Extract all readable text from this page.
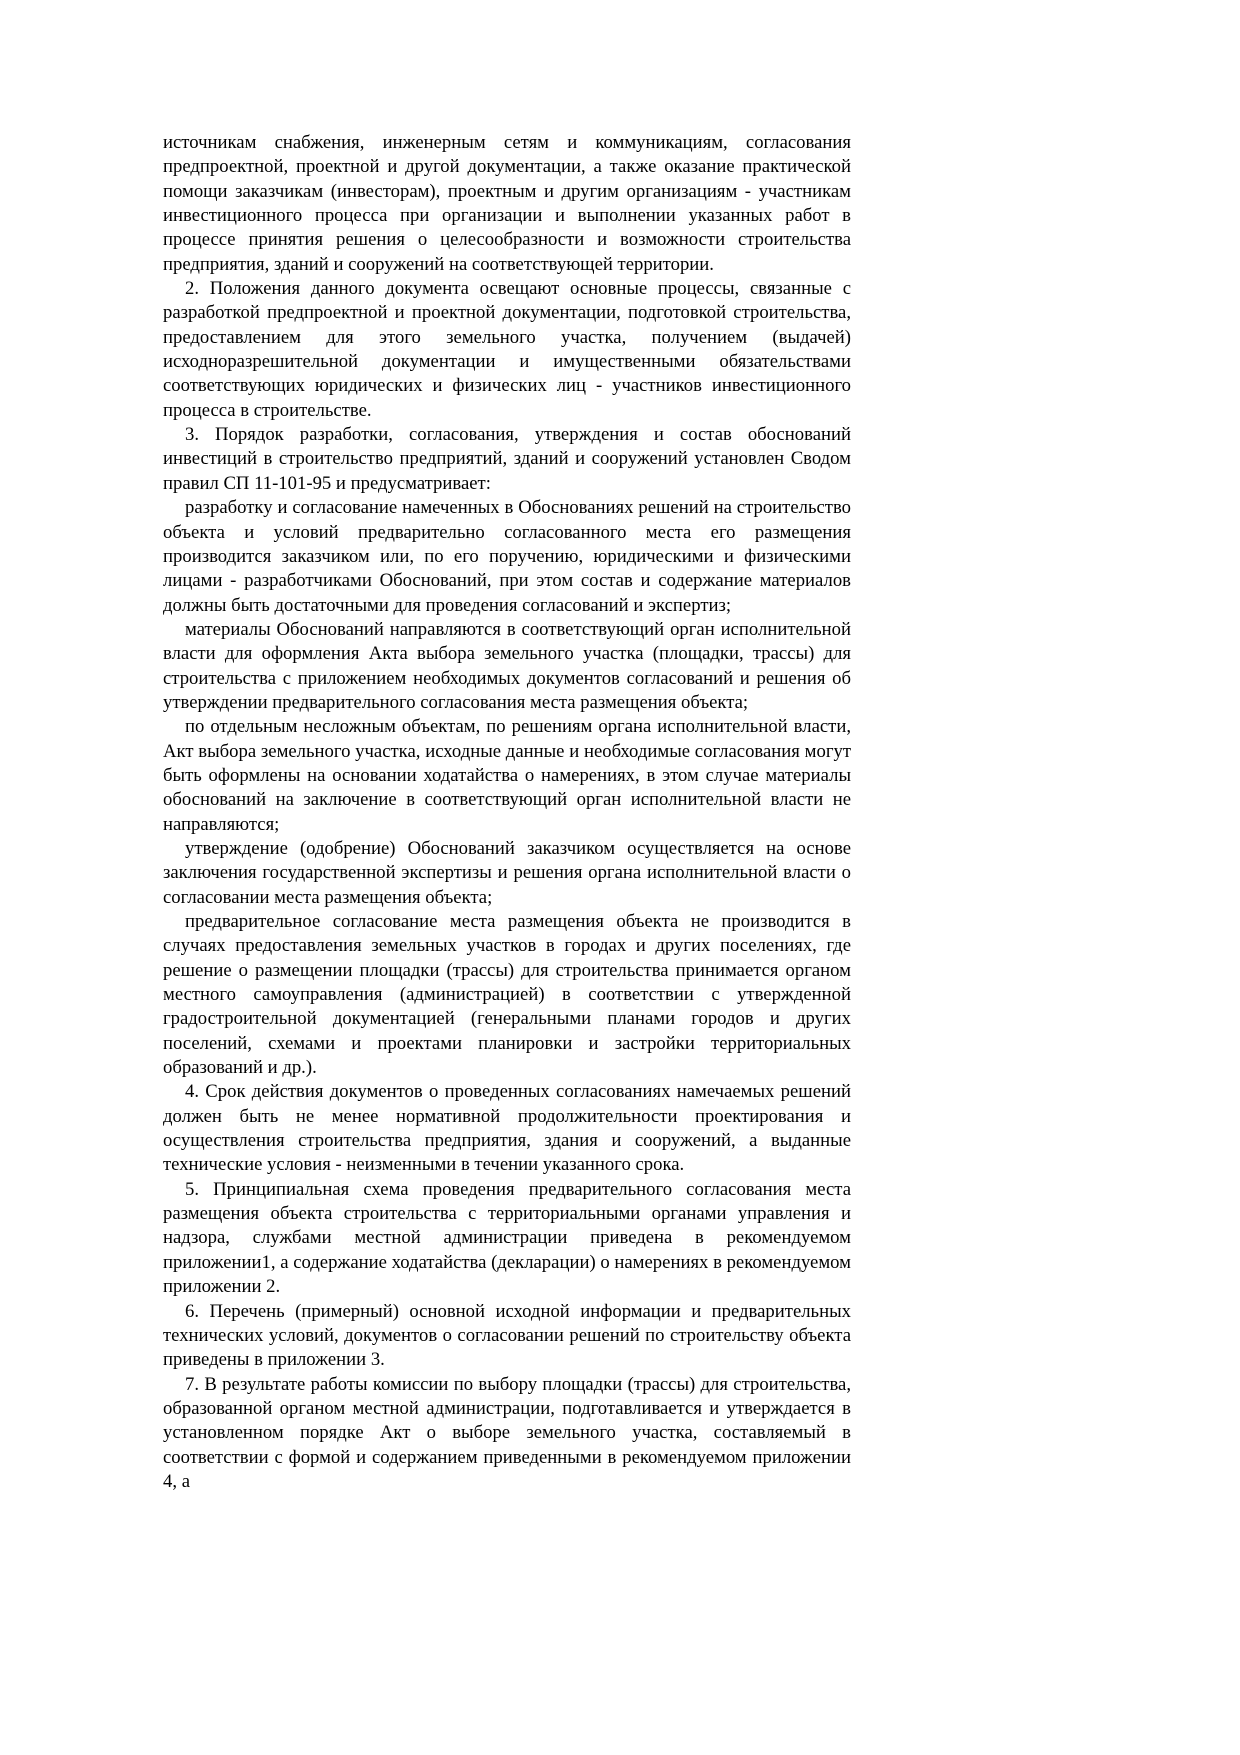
источникам снабжения, инженерным сетям и коммуникациям, согласования предпроектной, проектной и другой документации, а также оказание практической помощи заказчикам (инвесторам), проектным и другим организациям - участникам инвестиционного процесса при организации и выполнении указанных работ в процессе принятия решения о целесообразности и возможности строительства предприятия, зданий и сооружений на соответствующей территории.

2. Положения данного документа освещают основные процессы, связанные с разработкой предпроектной и проектной документации, подготовкой строительства, предоставлением для этого земельного участка, получением (выдачей) исходноразрешительной документации и имущественными обязательствами соответствующих юридических и физических лиц - участников инвестиционного процесса в строительстве.

3. Порядок разработки, согласования, утверждения и состав обоснований инвестиций в строительство предприятий, зданий и сооружений установлен Сводом правил СП 11-101-95 и предусматривает:

разработку и согласование намеченных в Обоснованиях решений на строительство объекта и условий предварительно согласованного места его размещения производится заказчиком или, по его поручению, юридическими и физическими лицами - разработчиками Обоснований, при этом состав и содержание материалов должны быть достаточными для проведения согласований и экспертиз;

материалы Обоснований направляются в соответствующий орган исполнительной власти для оформления Акта выбора земельного участка (площадки, трассы) для строительства с приложением необходимых документов согласований и решения об утверждении предварительного согласования места размещения объекта;

по отдельным несложным объектам, по решениям органа исполнительной власти, Акт выбора земельного участка, исходные данные и необходимые согласования могут быть оформлены на основании ходатайства о намерениях, в этом случае материалы обоснований на заключение в соответствующий орган исполнительной власти не направляются;

утверждение (одобрение) Обоснований заказчиком осуществляется на основе заключения государственной экспертизы и решения органа исполнительной власти о согласовании места размещения объекта;

предварительное согласование места размещения объекта не производится в случаях предоставления земельных участков в городах и других поселениях, где решение о размещении площадки (трассы) для строительства принимается органом местного самоуправления (администрацией) в соответствии с утвержденной градостроительной документацией (генеральными планами городов и других поселений, схемами и проектами планировки и застройки территориальных образований и др.).

4. Срок действия документов о проведенных согласованиях намечаемых решений должен быть не менее нормативной продолжительности проектирования и осуществления строительства предприятия, здания и сооружений, а выданные технические условия - неизменными в течении указанного срока.

5. Принципиальная схема проведения предварительного согласования места размещения объекта строительства с территориальными органами управления и надзора, службами местной администрации приведена в рекомендуемом приложении1, а содержание ходатайства (декларации) о намерениях в рекомендуемом приложении 2.

6. Перечень (примерный) основной исходной информации и предварительных технических условий, документов о согласовании решений по строительству объекта приведены в приложении 3.

7. В результате работы комиссии по выбору площадки (трассы) для строительства, образованной органом местной администрации, подготавливается и утверждается в установленном порядке Акт о выборе земельного участка, составляемый в соответствии с формой и содержанием приведенными в рекомендуемом приложении 4, а
